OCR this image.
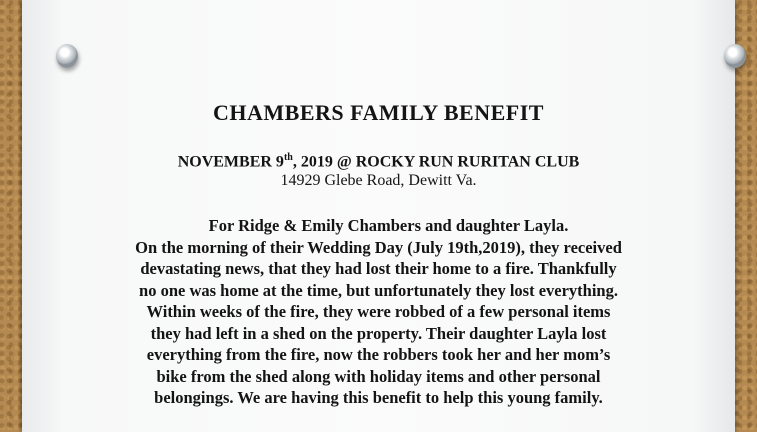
CHAMBERS FAMILY BENEFIT
NOVEMBER 9th, 2019 @ ROCKY RUN RURITAN CLUB
14929 Glebe Road, Dewitt Va.
For Ridge & Emily Chambers and daughter Layla.
On the morning of their Wedding Day (July 19th,2019), they received
devastating news, that they had lost their home to a fire. Thankfully
no one was home at the time, but unfortunately they lost everything.
Within weeks of the fire, they were robbed of a few personal items
they had left in a shed on the property. Their daughter Layla lost
everything from the fire, now the robbers took her and her mom’s
bike from the shed along with holiday items and other personal
belongings. We are having this benefit to help this young family.
